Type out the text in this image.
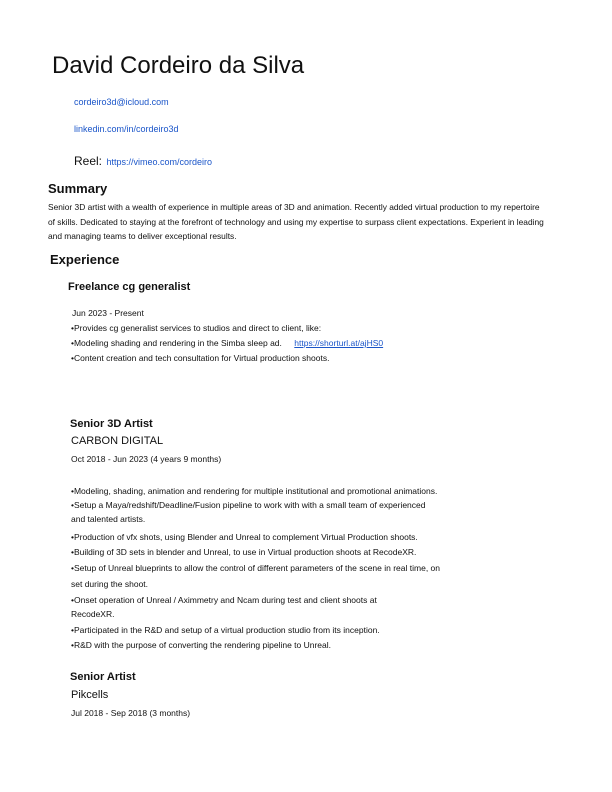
David Cordeiro da Silva
cordeiro3d@icloud.com
linkedin.com/in/cordeiro3d
Reel: https://vimeo.com/cordeiro
Summary
Senior 3D artist with a wealth of experience in multiple areas of 3D and animation. Recently added virtual production to my repertoire of skills. Dedicated to staying at the forefront of technology and using my expertise to surpass client expectations. Experient in leading and managing teams to deliver exceptional results.
Experience
Freelance cg generalist
Jun 2023 - Present
•Provides cg generalist services to studios and direct to client, like:
•Modeling shading and rendering in the Simba sleep ad. https://shorturl.at/ajHS0
•Content creation and tech consultation for Virtual production shoots.
Senior 3D Artist
CARBON DIGITAL
Oct 2018 - Jun 2023 (4 years 9 months)
•Modeling, shading, animation and rendering for multiple institutional and promotional animations.
•Setup a Maya/redshift/Deadline/Fusion pipeline to work with with a small team of experienced
and talented artists.
•Production of vfx shots, using Blender and Unreal to complement Virtual Production shoots.
•Building of 3D sets in blender and Unreal, to use in Virtual production shoots at RecodeXR.
•Setup of Unreal blueprints to allow the control of different parameters of the scene in real time, on
set during the shoot.
•Onset operation of Unreal / Aximmetry and Ncam during test and client shoots at
RecodeXR.
•Participated in the R&D and setup of a virtual production studio from its inception.
•R&D with the purpose of converting the rendering pipeline to Unreal.
Senior Artist
Pikcells
Jul 2018 - Sep 2018 (3 months)
